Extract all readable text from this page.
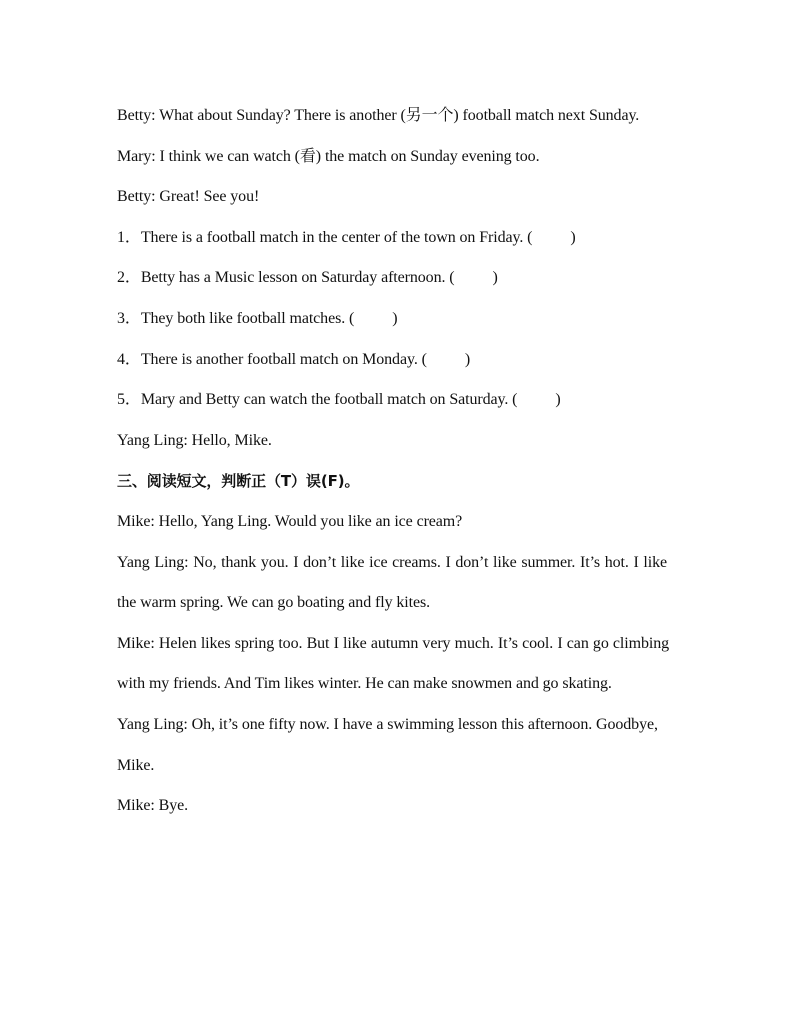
Betty: What about Sunday? There is another (另一个) football match next Sunday.
Mary: I think we can watch (看) the match on Sunday evening too.
Betty: Great! See you!
1．There is a football match in the center of the town on Friday. ( )
2．Betty has a Music lesson on Saturday afternoon. ( )
3．They both like football matches. ( )
4．There is another football match on Monday. ( )
5．Mary and Betty can watch the football match on Saturday. ( )
Yang Ling: Hello, Mike.
三、阅读短文，判断正（T）误(F)。
Mike: Hello, Yang Ling. Would you like an ice cream?
Yang Ling: No, thank you. I don’t like ice creams. I don’t like summer. It’s hot. I like the warm spring. We can go boating and fly kites.
Mike: Helen likes spring too. But I like autumn very much. It’s cool. I can go climbing with my friends. And Tim likes winter. He can make snowmen and go skating.
Yang Ling: Oh, it’s one fifty now. I have a swimming lesson this afternoon. Goodbye, Mike.
Mike: Bye.
